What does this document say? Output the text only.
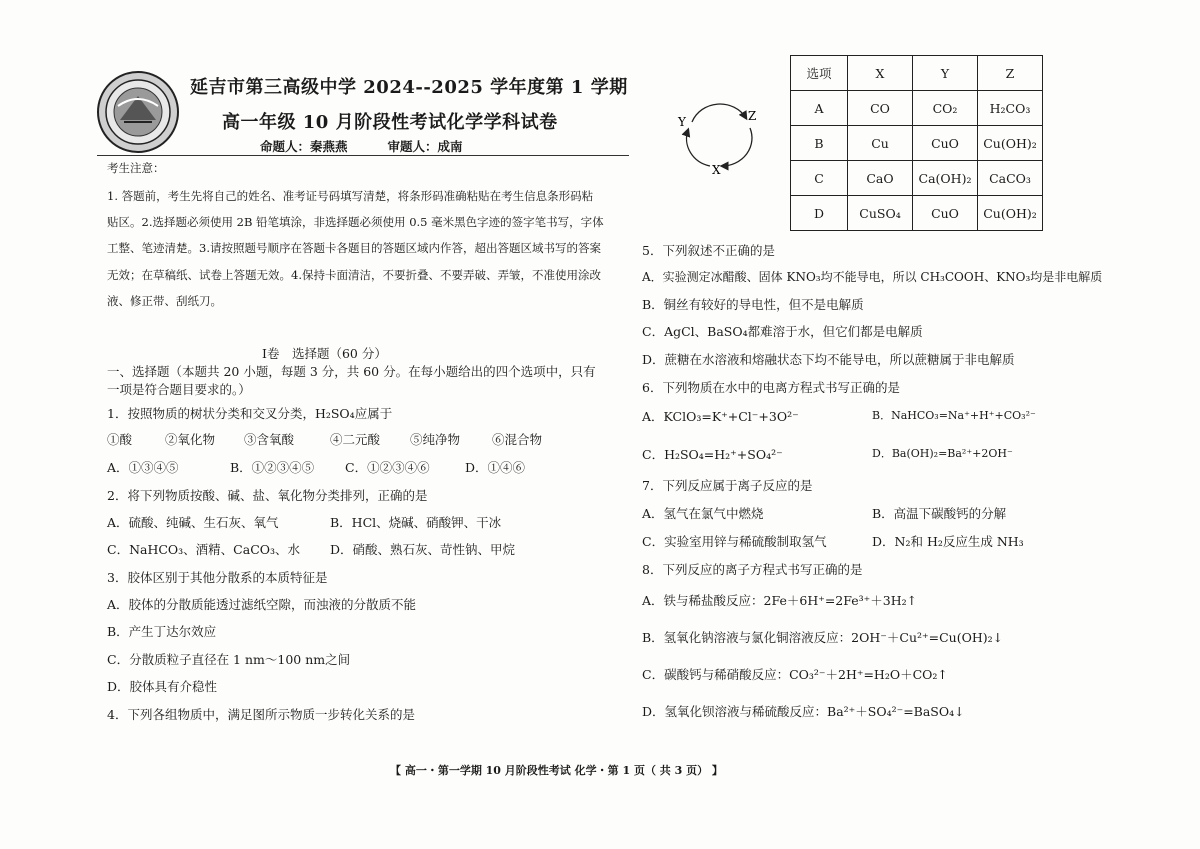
延吉市第三高级中学 2024--2025 学年度第 1 学期
高一年级 10 月阶段性考试化学学科试卷
命题人：秦燕燕	审题人：成南
考生注意：
1. 答题前，考生先将自己的姓名、准考证号码填写清楚，将条形码准确粘贴在考生信息条形码粘
贴区。2.选择题必须使用 2B 铅笔填涂，非选择题必须使用 0.5 毫米黑色字迹的签字笔书写，字体
工整、笔迹清楚。3.请按照题号顺序在答题卡各题目的答题区域内作答，超出答题区域书写的答案
无效；在草稿纸、试卷上答题无效。4.保持卡面清洁，不要折叠、不要弄破、弄皱，不准使用涂改
液、修正带、刮纸刀。
Ⅰ卷　选择题（60 分）
一、选择题（本题共 20 小题，每题 3 分，共 60 分。在每小题给出的四个选项中，只有
一项是符合题目要求的。）
1．按照物质的树状分类和交叉分类，H₂SO₄应属于
①酸	②氧化物 ③含氧酸	④二元酸 ⑤纯净物	⑥混合物
A．①③④⑤	B．①②③④⑤ C．①②③④⑥	D．①④⑥
2．将下列物质按酸、碱、盐、氧化物分类排列，正确的是
A．硫酸、纯碱、生石灰、氧气	B．HCl、烧碱、硝酸钾、干冰
C．NaHCO₃、酒精、CaCO₃、水 D．硝酸、熟石灰、苛性钠、甲烷
3．胶体区别于其他分散系的本质特征是
A．胶体的分散质能透过滤纸空隙，而浊液的分散质不能
B．产生丁达尔效应
C．分散质粒子直径在 1 nm～100 nm之间
D．胶体具有介稳性
4．下列各组物质中，满足图所示物质一步转化关系的是
Y	Z
X
选项	X	Y	Z
A	CO	CO₂	H₂CO₃
B	Cu	CuO	Cu(OH)₂
C	CaO	Ca(OH)₂	CaCO₃
D	CuSO₄	CuO	Cu(OH)₂
5．下列叙述不正确的是
A．实验测定冰醋酸、固体 KNO₃均不能导电，所以 CH₃COOH、KNO₃均是非电解质
B．铜丝有较好的导电性，但不是电解质
C．AgCl、BaSO₄都难溶于水，但它们都是电解质
D．蔗糖在水溶液和熔融状态下均不能导电，所以蔗糖属于非电解质
6．下列物质在水中的电离方程式书写正确的是
A．KClO₃=K⁺+Cl⁻+3O²⁻	B．NaHCO₃=Na⁺+H⁺+CO₃²⁻
C．H₂SO₄=H₂⁺+SO₄²⁻	D．Ba(OH)₂=Ba²⁺+2OH⁻
7．下列反应属于离子反应的是
A．氢气在氯气中燃烧	B．高温下碳酸钙的分解
C．实验室用锌与稀硫酸制取氢气	D．N₂和 H₂反应生成 NH₃
8．下列反应的离子方程式书写正确的是
A．铁与稀盐酸反应：2Fe＋6H⁺=2Fe³⁺＋3H₂↑
B．氢氧化钠溶液与氯化铜溶液反应：2OH⁻＋Cu²⁺=Cu(OH)₂↓
C．碳酸钙与稀硝酸反应：CO₃²⁻＋2H⁺=H₂O＋CO₂↑
D．氢氧化钡溶液与稀硫酸反应：Ba²⁺＋SO₄²⁻=BaSO₄↓
【 高一・第一学期 10 月阶段性考试 化学・第 1 页（ 共 3 页） 】
